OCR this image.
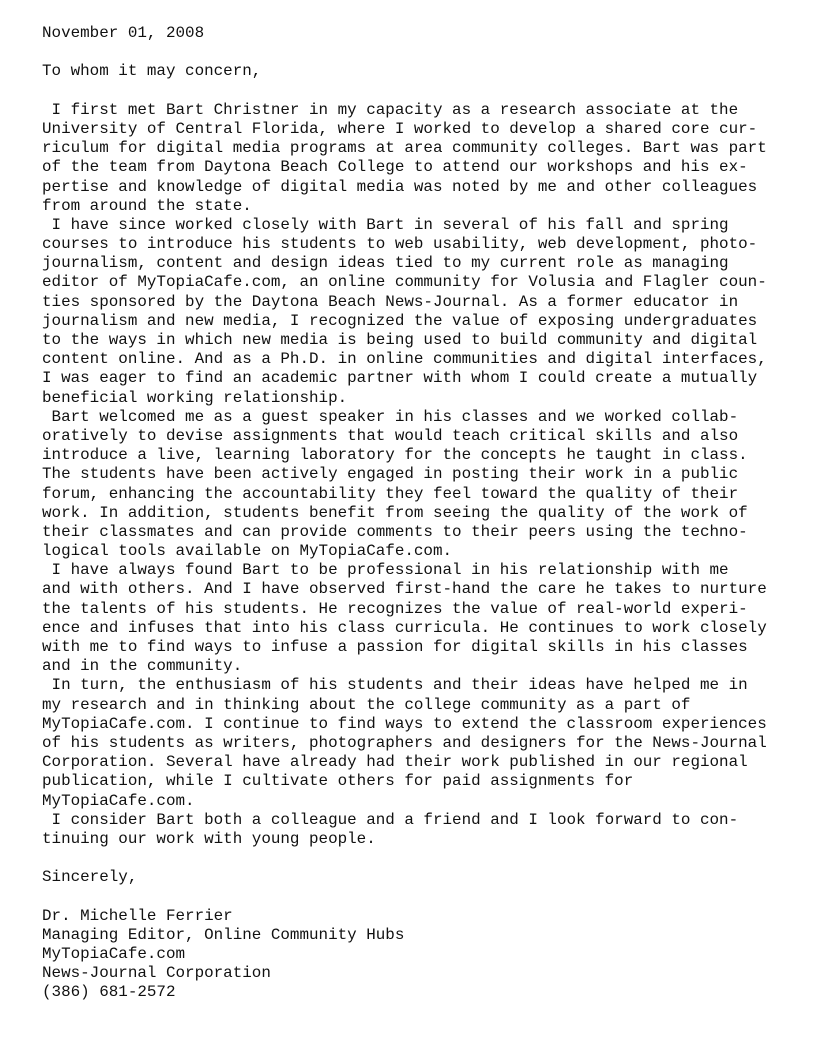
November 01, 2008
To whom it may concern,
I first met Bart Christner in my capacity as a research associate at the
University of Central Florida, where I worked to develop a shared core cur-
riculum for digital media programs at area community colleges. Bart was part
of the team from Daytona Beach College to attend our workshops and his ex-
pertise and knowledge of digital media was noted by me and other colleagues
from around the state.
I have since worked closely with Bart in several of his fall and spring
courses to introduce his students to web usability, web development, photo-
journalism, content and design ideas tied to my current role as managing
editor of MyTopiaCafe.com, an online community for Volusia and Flagler coun-
ties sponsored by the Daytona Beach News-Journal. As a former educator in
journalism and new media, I recognized the value of exposing undergraduates
to the ways in which new media is being used to build community and digital
content online. And as a Ph.D. in online communities and digital interfaces,
I was eager to find an academic partner with whom I could create a mutually
beneficial working relationship.
Bart welcomed me as a guest speaker in his classes and we worked collab-
oratively to devise assignments that would teach critical skills and also
introduce a live, learning laboratory for the concepts he taught in class.
The students have been actively engaged in posting their work in a public
forum, enhancing the accountability they feel toward the quality of their
work. In addition, students benefit from seeing the quality of the work of
their classmates and can provide comments to their peers using the techno-
logical tools available on MyTopiaCafe.com.
I have always found Bart to be professional in his relationship with me
and with others. And I have observed first-hand the care he takes to nurture
the talents of his students. He recognizes the value of real-world experi-
ence and infuses that into his class curricula. He continues to work closely
with me to find ways to infuse a passion for digital skills in his classes
and in the community.
In turn, the enthusiasm of his students and their ideas have helped me in
my research and in thinking about the college community as a part of
MyTopiaCafe.com. I continue to find ways to extend the classroom experiences
of his students as writers, photographers and designers for the News-Journal
Corporation. Several have already had their work published in our regional
publication, while I cultivate others for paid assignments for
MyTopiaCafe.com.
I consider Bart both a colleague and a friend and I look forward to con-
tinuing our work with young people.
Sincerely,
Dr. Michelle Ferrier
Managing Editor, Online Community Hubs
MyTopiaCafe.com
News-Journal Corporation
(386) 681-2572
